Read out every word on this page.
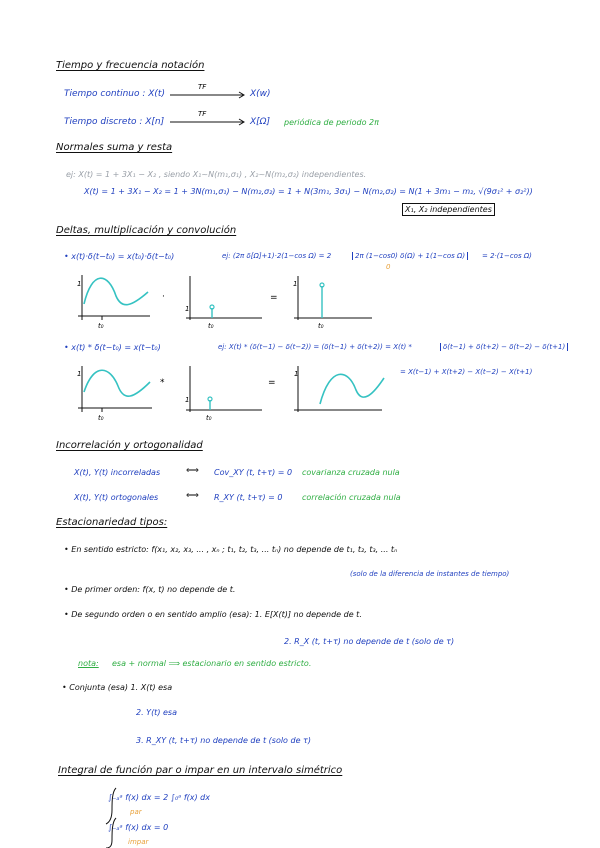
Tiempo y frecuencia notación
Tiempo continuo : X(t)
TF
X(w)
Tiempo discreto : X[n]
TF
X[Ω] periódica de periodo 2π
Normales suma y resta
ej: X(t) = 1 + 3X₁ − X₂ , siendo X₁~N(m₁,σ₁) , X₂~N(m₂,σ₂) independientes.
X(t) = 1 + 3X₁ − X₂ = 1 + 3N(m₁,σ₁) − N(m₂,σ₂) = 1 + N(3m₁, 3σ₁) − N(m₂,σ₂) = N(1 + 3m₁ − m₂, √(9σ₁² + σ₂²))
X₁, X₂ independientes
Deltas, multiplicación y convolución
• x(t)·δ(t−t₀) = x(t₀)·δ(t−t₀)	ej: (2π δ[Ω]+1)·2(1−cos Ω) = 2	2π (1−cos0) δ(Ω) + 1(1−cos Ω)
0
= 2·(1−cos Ω)
• x(t) * δ(t−t₀) = x(t−t₀)	ej: X(t) * (δ(t−1) − δ(t−2)) = (δ(t−1) + δ(t+2)) = X(t) *	δ(t−1) + δ(t+2) − δ(t−2) − δ(t+1)
= X(t−1) + X(t+2) − X(t−2) − X(t+1)
·	=
*	=
t₀	t₀	t₀
t₀	t₀
1
1
1
1
1
1
Incorrelación y ortogonalidad
X(t), Y(t) incorreladas	⟺ Cov_XY (t, t+τ) = 0 covarianza cruzada nula
X(t), Y(t) ortogonales	⟺ R_XY (t, t+τ) = 0 correlación cruzada nula
Estacionariedad tipos:
• En sentido estricto: f(x₁, x₂, x₃, ... , xₙ ; t₁, t₂, t₃, ... tₙ) no depende de t₁, t₂, t₃, ... tₙ
(solo de la diferencia de instantes de tiempo)
• De primer orden: f(x, t) no depende de t.
• De segundo orden o en sentido amplio (esa): 1. E[X(t)] no depende de t.
2. R_X (t, t+τ) no depende de t (solo de τ)
nota: esa + normal ⟹ estacionario en sentido estricto.
• Conjunta (esa) 1. X(t) esa
2. Y(t) esa
3. R_XY (t, t+τ) no depende de t (solo de τ)
Integral de función par o impar en un intervalo simétrico
∫₋ₐᵃ f(x) dx = 2 ∫₀ᵃ f(x) dx
par
∫₋ₐᵃ f(x) dx = 0
impar
